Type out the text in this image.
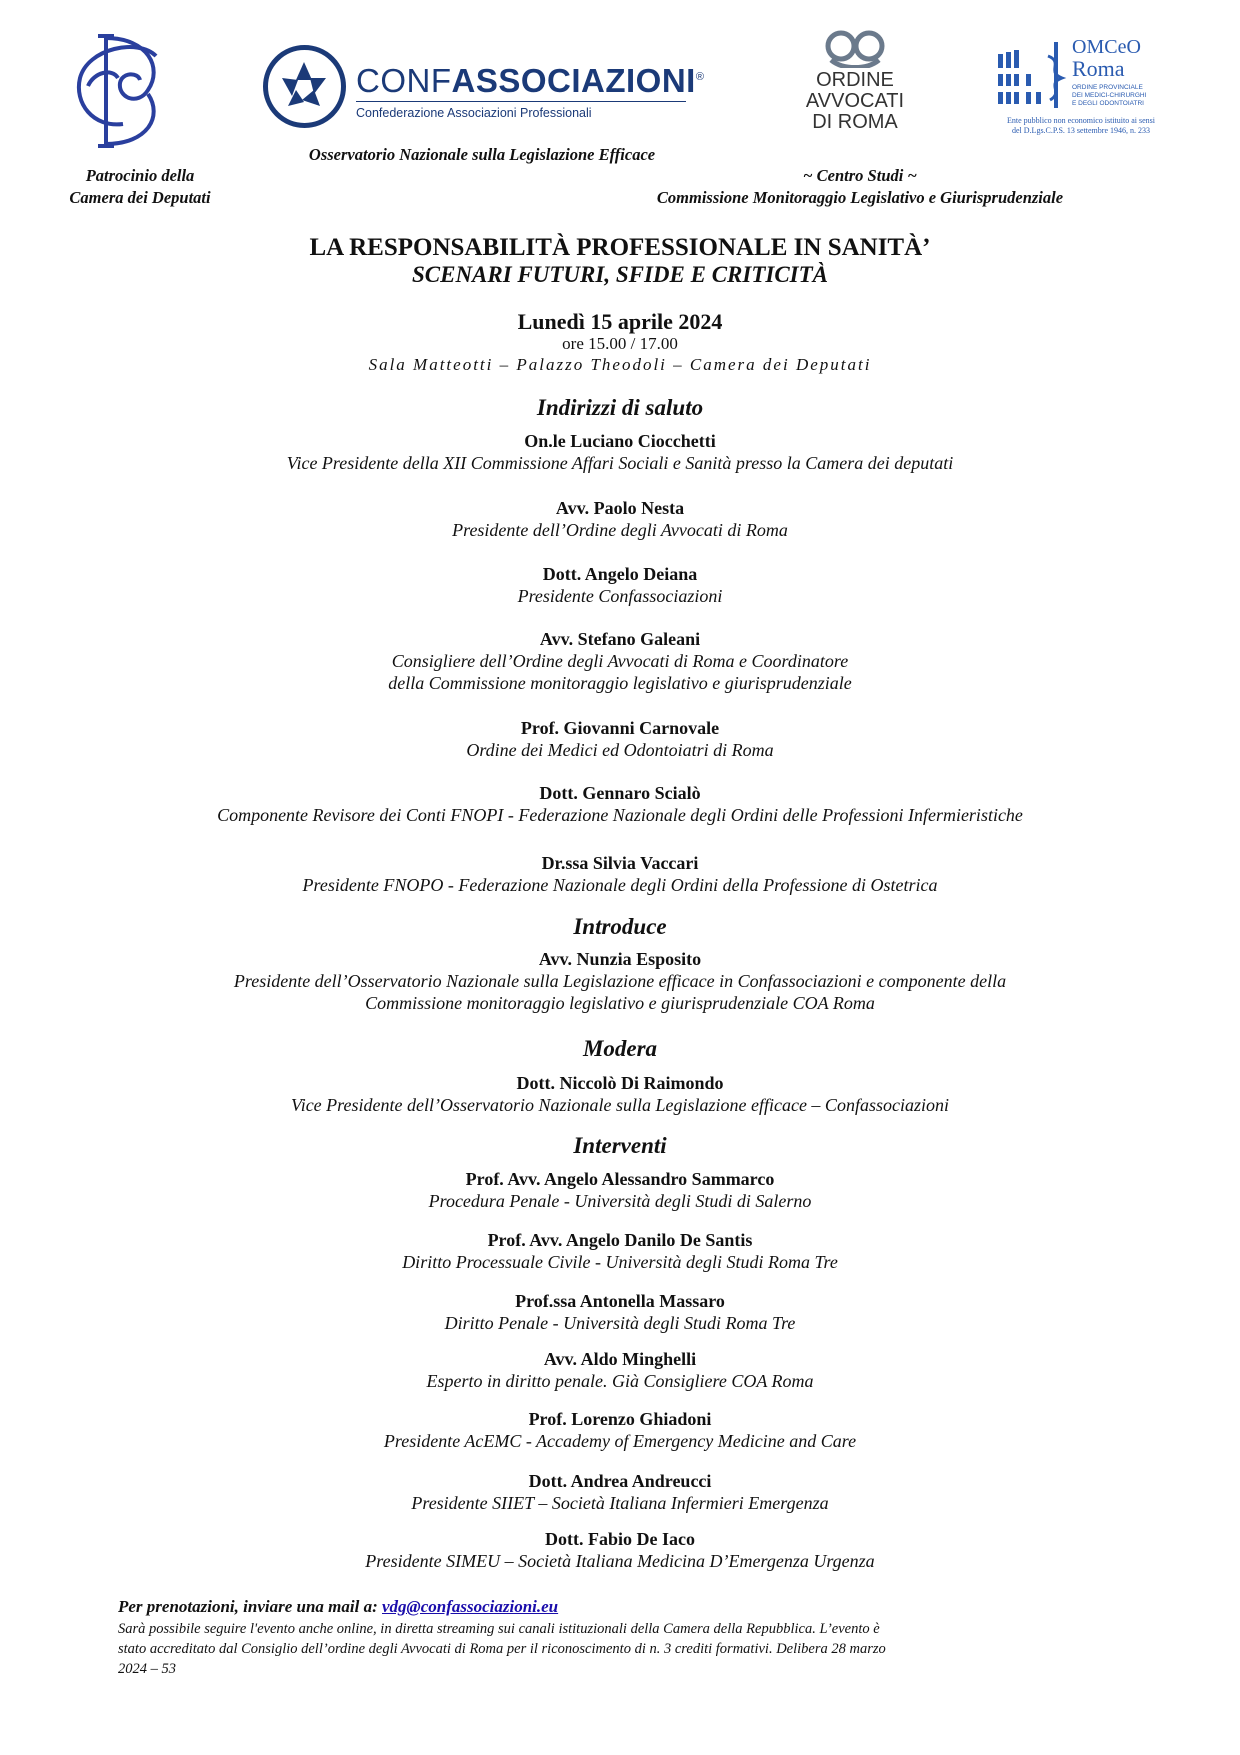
Patrocinio della
Camera dei Deputati
CONFASSOCIAZIONI®
Confederazione Associazioni Professionali
Osservatorio Nazionale sulla Legislazione Efficace
ORDINE
AVVOCATI
DI ROMA
OMCeO
Roma
ORDINE PROVINCIALE
DEI MEDICI-CHIRURGHI
E DEGLI ODONTOIATRI
Ente pubblico non economico istituito ai sensi
del D.Lgs.C.P.S. 13 settembre 1946, n. 233
~ Centro Studi ~
Commissione Monitoraggio Legislativo e Giurisprudenziale
LA RESPONSABILITÀ PROFESSIONALE IN SANITÀ’
SCENARI FUTURI, SFIDE E CRITICITÀ
Lunedì 15 aprile 2024
ore 15.00 / 17.00
Sala Matteotti – Palazzo Theodoli – Camera dei Deputati
Indirizzi di saluto
On.le Luciano Ciocchetti
Vice Presidente della XII Commissione Affari Sociali e Sanità presso la Camera dei deputati
Avv. Paolo Nesta
Presidente dell’Ordine degli Avvocati di Roma
Dott. Angelo Deiana
Presidente Confassociazioni
Avv. Stefano Galeani
Consigliere dell’Ordine degli Avvocati di Roma e Coordinatore
della Commissione monitoraggio legislativo e giurisprudenziale
Prof. Giovanni Carnovale
Ordine dei Medici ed Odontoiatri di Roma
Dott. Gennaro Scialò
Componente Revisore dei Conti FNOPI - Federazione Nazionale degli Ordini delle Professioni Infermieristiche
Dr.ssa Silvia Vaccari
Presidente FNOPO - Federazione Nazionale degli Ordini della Professione di Ostetrica
Introduce
Avv. Nunzia Esposito
Presidente dell’Osservatorio Nazionale sulla Legislazione efficace in Confassociazioni e componente della
Commissione monitoraggio legislativo e giurisprudenziale COA Roma
Modera
Dott. Niccolò Di Raimondo
Vice Presidente dell’Osservatorio Nazionale sulla Legislazione efficace – Confassociazioni
Interventi
Prof. Avv. Angelo Alessandro Sammarco
Procedura Penale - Università degli Studi di Salerno
Prof. Avv. Angelo Danilo De Santis
Diritto Processuale Civile - Università degli Studi Roma Tre
Prof.ssa Antonella Massaro
Diritto Penale - Università degli Studi Roma Tre
Avv. Aldo Minghelli
Esperto in diritto penale. Già Consigliere COA Roma
Prof. Lorenzo Ghiadoni
Presidente AcEMC - Accademy of Emergency Medicine and Care
Dott. Andrea Andreucci
Presidente SIIET – Società Italiana Infermieri Emergenza
Dott. Fabio De Iaco
Presidente SIMEU – Società Italiana Medicina D’Emergenza Urgenza
Per prenotazioni, inviare una mail a: vdg@confassociazioni.eu
Sarà possibile seguire l'evento anche online, in diretta streaming sui canali istituzionali della Camera della Repubblica. L’evento è
stato accreditato dal Consiglio dell’ordine degli Avvocati di Roma per il riconoscimento di n. 3 crediti formativi. Delibera 28 marzo
2024 – 53
